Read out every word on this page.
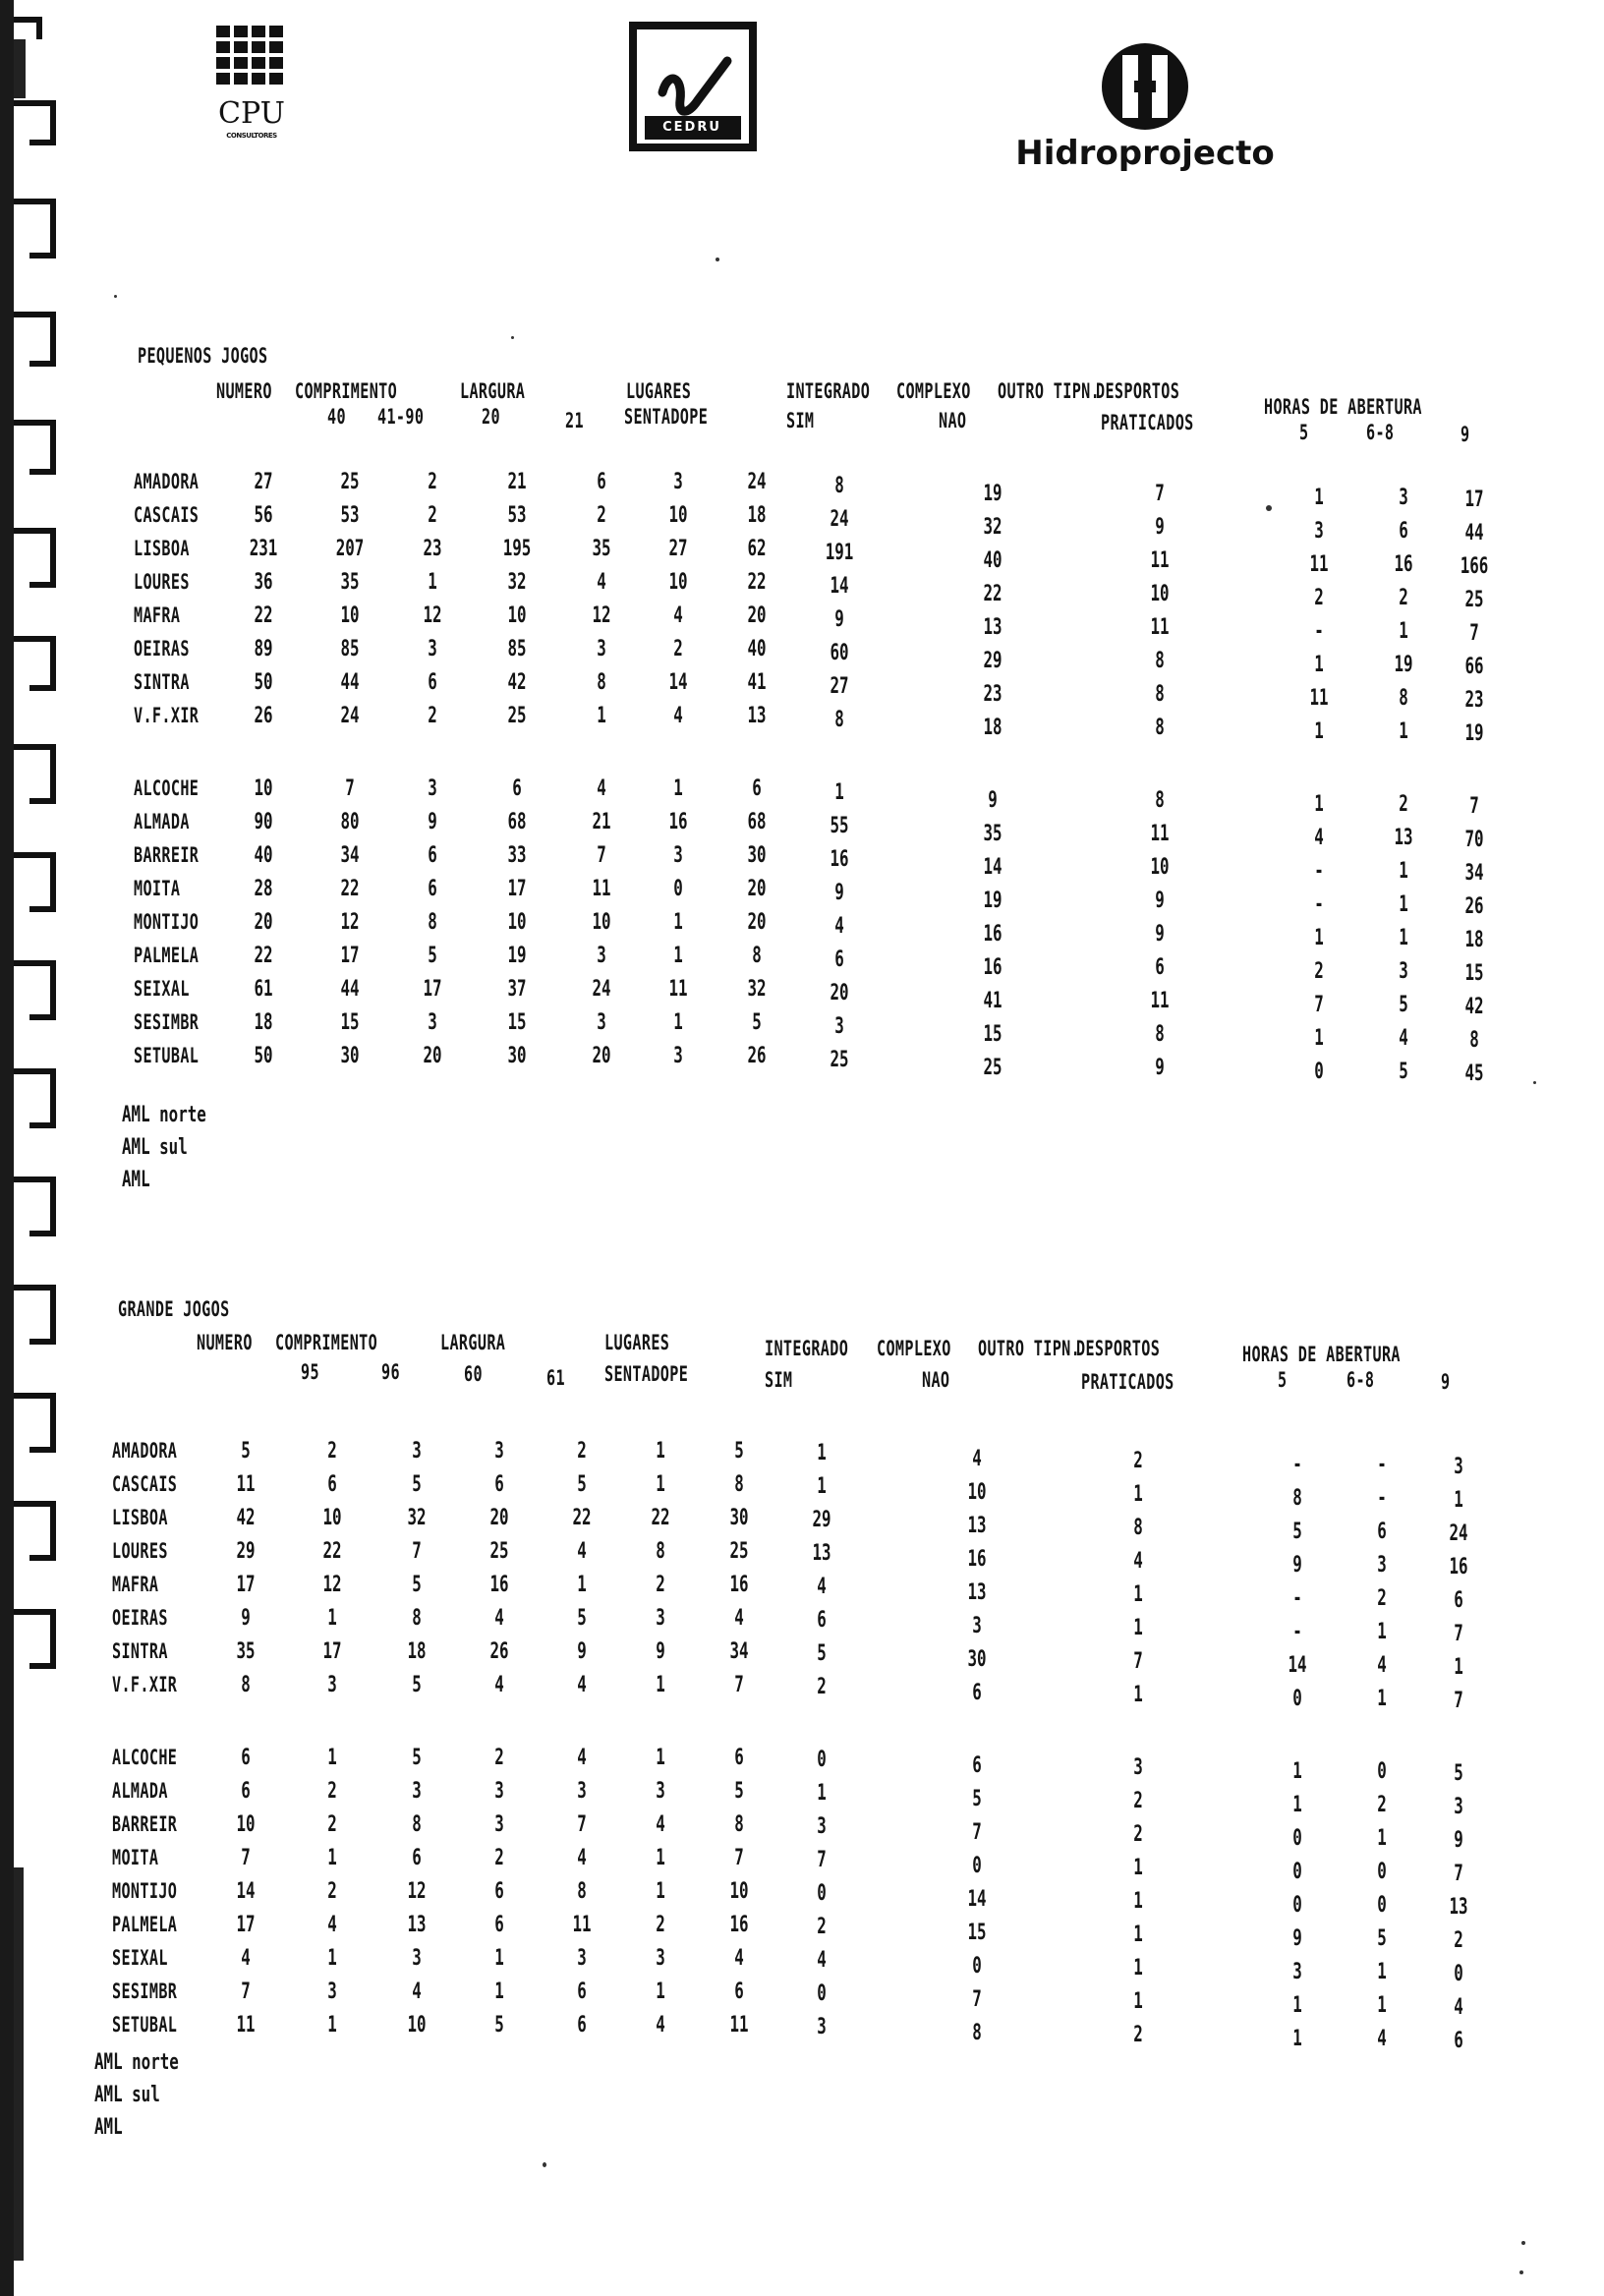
CPU
CONSULTORES
CEDRU
Hidroprojecto
PEQUENOS JOGOS
NUMERO COMPRIMENTO	LARGURA	LUGARES	INTEGRADO COMPLEXO OUTRO TIPN.
DESPORTOS
HORAS DE ABERTURA
40 41-90	20	21 SENTADOPE	SIM	NAO	PRATICADOS	5	6-8	9
AMADORA	27	25	2	21	6	3	24	8	19	7	1	3	17
CASCAIS	56	53	2	53	2	10	18	24	32	9	3	6	44
LISBOA	231	207	23	195	35	27	62	191	40	11	11	16	166
LOURES	36	35	1	32	4	10	22	14	22	10	2	2	25
MAFRA	22	10	12	10	12	4	20	9	13	11	-	1	7
OEIRAS	89	85	3	85	3	2	40	60	29	8	1	19	66
SINTRA	50	44	6	42	8	14	41	27	23	8	11	8	23
V.F.XIR	26	24	2	25	1	4	13	8	18	8	1	1	19
ALCOCHE	10	7	3	6	4	1	6	1	9	8	1	2	7
ALMADA	90	80	9	68	21	16	68	55	35	11	4	13	70
BARREIR	40	34	6	33	7	3	30	16	14	10	-	1	34
MOITA	28	22	6	17	11	0	20	9	19	9	-	1	26
MONTIJO	20	12	8	10	10	1	20	4	16	9	1	1	18
PALMELA	22	17	5	19	3	1	8	6	16	6	2	3	15
SEIXAL	61	44	17	37	24	11	32	20	41	11	7	5	42
SESIMBR	18	15	3	15	3	1	5	3	15	8	1	4	8
SETUBAL	50	30	20	30	20	3	26	25	25	9	0	5	45
AML norte
AML sul
AML
GRANDE JOGOS
NUMERO COMPRIMENTO	LARGURA	LUGARES	INTEGRADO COMPLEXO OUTRO TIPN.
DESPORTOS	HORAS DE ABERTURA
95	96	60	61 SENTADOPE	SIM	NAO	PRATICADOS	5	6-8	9
AMADORA	5	2	3	3	2	1	5	1	4	2	-	-	3
CASCAIS	11	6	5	6	5	1	8	1	10	1	8	-	1
LISBOA	42	10	32	20	22	22	30	29	13	8	5	6	24
LOURES	29	22	7	25	4	8	25	13	16	4	9	3	16
MAFRA	17	12	5	16	1	2	16	4	13	1	-	2	6
OEIRAS	9	1	8	4	5	3	4	6	3	1	-	1	7
SINTRA	35	17	18	26	9	9	34	5	30	7	14	4	1
V.F.XIR	8	3	5	4	4	1	7	2	6	1	0	1	7
ALCOCHE	6	1	5	2	4	1	6	0	6	3	1	0	5
ALMADA	6	2	3	3	3	3	5	1	5	2	1	2	3
BARREIR	10	2	8	3	7	4	8	3	7	2	0	1	9
MOITA	7	1	6	2	4	1	7	7	0	1	0	0	7
MONTIJO	14	2	12	6	8	1	10	0	14	1	0	0	13
PALMELA	17	4	13	6	11	2	16	2	15	1	9	5	2
SEIXAL	4	1	3	1	3	3	4	4	0	1	3	1	0
SESIMBR	7	3	4	1	6	1	6	0	7	1	1	1	4
SETUBAL	11	1	10	5	6	4	11	3	8	2	1	4	6
AML norte
AML sul
AML
